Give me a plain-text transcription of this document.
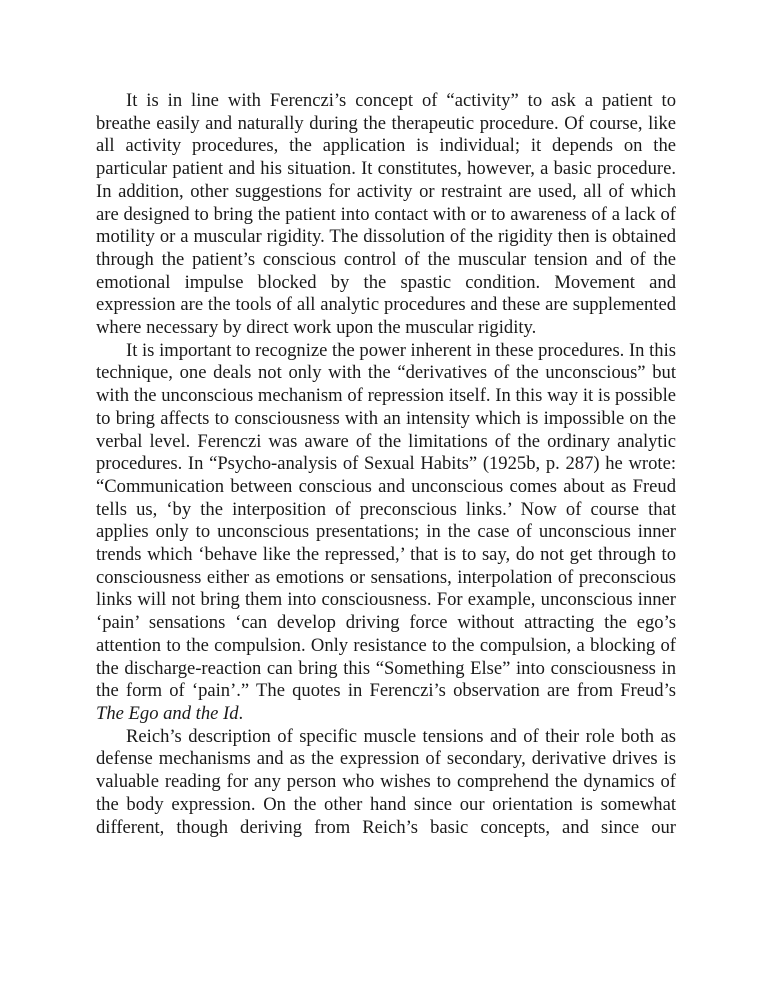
It is in line with Ferenczi’s concept of “activity” to ask a patient to breathe easily and naturally during the therapeutic procedure. Of course, like all activity procedures, the application is individual; it depends on the particular patient and his situation. It constitutes, however, a basic procedure. In addition, other suggestions for activity or restraint are used, all of which are designed to bring the patient into contact with or to awareness of a lack of motility or a muscular rigidity. The dissolution of the rigidity then is obtained through the patient’s conscious control of the muscular tension and of the emotional impulse blocked by the spastic condition. Movement and expression are the tools of all analytic procedures and these are supplemented where necessary by direct work upon the muscular rigidity.

It is important to recognize the power inherent in these procedures. In this technique, one deals not only with the “derivatives of the unconscious” but with the unconscious mechanism of repression itself. In this way it is possible to bring affects to consciousness with an intensity which is impossible on the verbal level. Ferenczi was aware of the limitations of the ordinary analytic procedures. In “Psycho-analysis of Sexual Habits” (1925b, p. 287) he wrote: “Communication between conscious and unconscious comes about as Freud tells us, ‘by the interposition of preconscious links.’ Now of course that applies only to unconscious presentations; in the case of unconscious inner trends which ‘behave like the repressed,’ that is to say, do not get through to consciousness either as emotions or sensations, interpolation of preconscious links will not bring them into consciousness. For example, unconscious inner ‘pain’ sensations ‘can develop driving force without attracting the ego’s attention to the compulsion. Only resistance to the compulsion, a blocking of the discharge-reaction can bring this “Something Else” into consciousness in the form of ‘pain’.” The quotes in Ferenczi’s observation are from Freud’s The Ego and the Id.

Reich’s description of specific muscle tensions and of their role both as defense mechanisms and as the expression of secondary, derivative drives is valuable reading for any person who wishes to comprehend the dynamics of the body expression. On the other hand since our orientation is somewhat different, though deriving from Reich’s basic concepts, and since our
